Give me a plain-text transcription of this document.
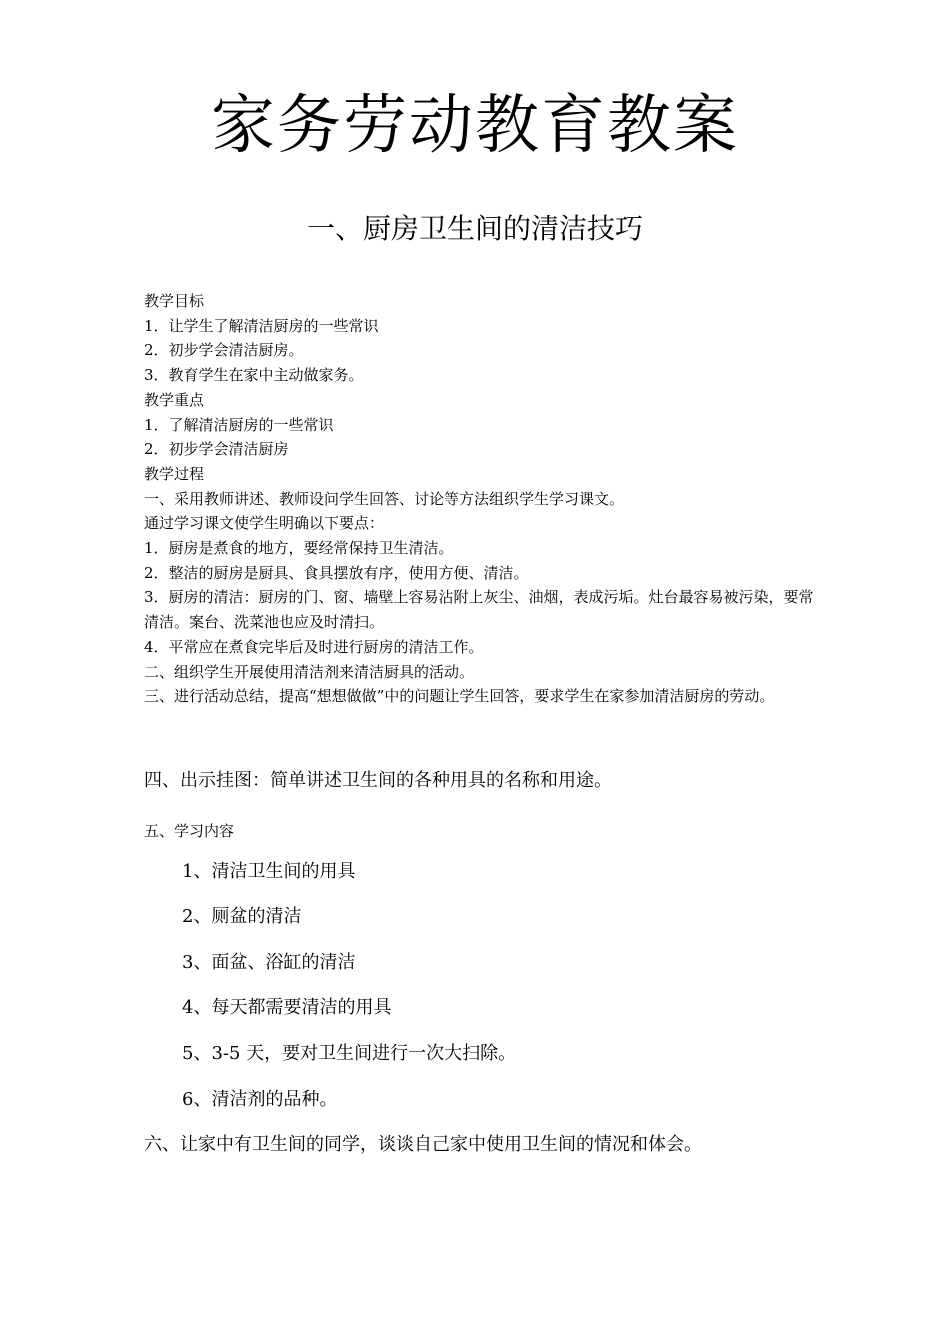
家务劳动教育教案
一、厨房卫生间的清洁技巧

教学目标

1．让学生了解清洁厨房的一些常识

2．初步学会清洁厨房。

3．教育学生在家中主动做家务。

教学重点

1．了解清洁厨房的一些常识

2．初步学会清洁厨房

教学过程

一、采用教师讲述、教师设问学生回答、讨论等方法组织学生学习课文。

通过学习课文使学生明确以下要点：

1．厨房是煮食的地方，要经常保持卫生清洁。

2．整洁的厨房是厨具、食具摆放有序，使用方便、清洁。

3．厨房的清洁：厨房的门、窗、墙壁上容易沾附上灰尘、油烟，表成污垢。灶台最容易被污染，要常清洁。案台、洗菜池也应及时清扫。

4．平常应在煮食完毕后及时进行厨房的清洁工作。

二、组织学生开展使用清洁剂来清洁厨具的活动。

三、进行活动总结，提高“想想做做”中的问题让学生回答，要求学生在家参加清洁厨房的劳动。

四、出示挂图：简单讲述卫生间的各种用具的名称和用途。
五、学习内容
1、清洁卫生间的用具
2、厕盆的清洁
3、面盆、浴缸的清洁
4、每天都需要清洁的用具
5、3-5 天，要对卫生间进行一次大扫除。
6、清洁剂的品种。
六、让家中有卫生间的同学，谈谈自己家中使用卫生间的情况和体会。
